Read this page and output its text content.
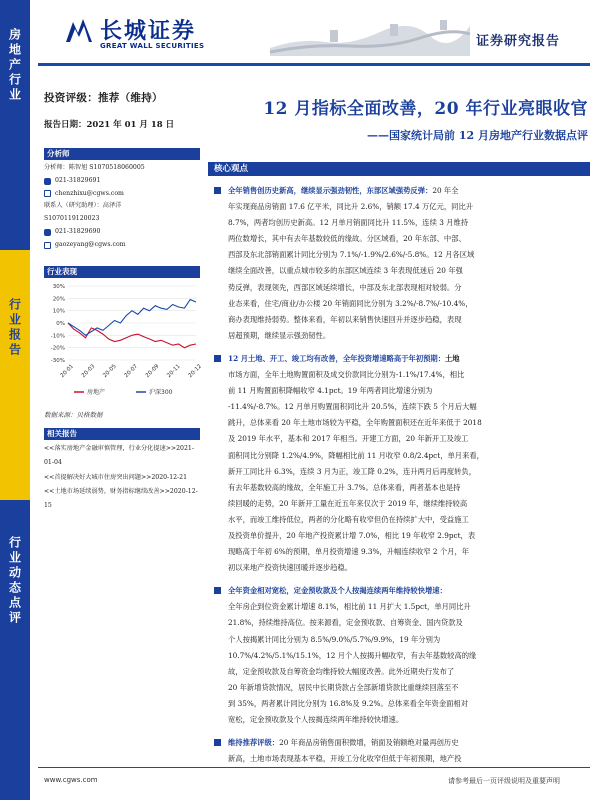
房地产行业
行业报告
行业动态点评
长城证券
GREAT WALL SECURITIES	证券研究报告
投资评级：推荐（维持）
报告日期：2021 年 01 月 18 日
分析师
分析师：陈智旭 S1070518060005
021-31829691
chenzhixu@cgws.com
联系人（研究助理）：高泽洋
S1070119120023
021-31829690
gaozeyang@cgws.com
行业表现
30%
20%
10%
0%
-10%
-20%
-30%
20-01 20-03 20-05 20-07 20-09 20-11 20-12
房地产	沪深300
数据来源：贝格数据
相关报告
<<落实房地产金融审慎管理，行业分化提速>>2021-01-04
<<首提解决好大城市住房突出问题>>2020-12-21
<<土地市场延续弱势，财务指标继续改善>>2020-12-15
12 月指标全面改善，20 年行业亮眼收官
——国家统计局前 12 月房地产行业数据点评
核心观点
全年销售创历史新高，继续显示强劲韧性，东部区域强势反弹：20 年全
年实现商品房销面 17.6 亿平米，同比升 2.6%，销额 17.4 万亿元，同比升
8.7%，两者均创历史新高。12 月单月销面同比升 11.5%，连续 3 月维持
两位数增长，其中有去年基数较低的缘故。分区域看，20 年东部、中部、
西部及东北部销面累计同比分别为 7.1%/-1.9%/2.6%/-5.8%。12 月各区域
继续全面改善，以重点城市较多的东部区域连续 3 年表现低迷后 20 年强
势反弹，表现领先，西部区域延续增长，中部及东北部表现相对较弱。分
业态来看，住宅/商业/办公楼 20 年销面同比分别为 3.2%/-8.7%/-10.4%，
商办表现维持弱势。整体来看，年初以来销售快速回升并逐步趋稳，表现
居超预期，继续显示强劲韧性。
12 月土地、开工、竣工均有改善，全年投资增速略高于年初预期：土地
市场方面，全年土地购置面积及成交价款同比分别为-1.1%/17.4%，相比
前 11 月购置面积降幅收窄 4.1pct。19 年两者同比增速分别为
-11.4%/-8.7%。12 月单月购置面积同比升 20.5%，连续下跌 5 个月后大幅
跳升，总体来看 20 年土地市场较为平稳，全年购置面积还在近年来低于 2018
及 2019 年水平，基本和 2017 年相当。开建工方面，20 年新开工及竣工
面积同比分别降 1.2%/4.9%，降幅相比前 11 月收窄 0.8/2.4pct，单月来看，
新开工同比升 6.3%，连续 3 月为正，竣工降 0.2%，连升两月后再度转负，
有去年基数较高的缘故，全年施工升 3.7%。总体来看，两者基本也是持
续回暖的走势，20 年新开工量在近五年来仅次于 2019 年，继续维持较高
水平，而竣工维持低位，两者的分化略有收窄但仍在持续扩大中，受益施工
及投资单价提升，20 年地产投资累计增 7.0%，相比 19 年收窄 2.9pct，表
现略高于年初 6%的预期，单月投资增速 9.3%，升幅连续收窄 2 个月，年
初以来地产投资快速回暖并逐步趋稳。
全年资金相对宽松，定金预收款及个人按揭连续两年维持较快增速：
全年房企到位资金累计增速 8.1%，相比前 11 月扩大 1.5pct，单月同比升
21.8%，持续维持高位。按来源看，定金预收款、自筹资金、国内贷款及
个人按揭累计同比分别为 8.5%/9.0%/5.7%/9.9%，19 年分别为
10.7%/4.2%/5.1%/15.1%，12 月个人按揭升幅收窄，有去年基数较高的缘
故，定金预收款及自筹资金均维持较大幅度改善。此外近期央行发布了
20 年新增贷款情况，居民中长期贷款占全部新增贷款比重继续回落至不
到 35%，两者累计同比分别为 16.8%及 9.2%。总体来看全年资金面相对
宽松，定金预收款及个人按揭连续两年维持较快增速。
维持推荐评级：20 年商品房销售面积微增，销面及销额绝对量再创历史
新高，土地市场表现基本平稳，开竣工分化收窄但低于年初预期，地产投
www.cgws.com	请参考最后一页评级说明及重要声明
